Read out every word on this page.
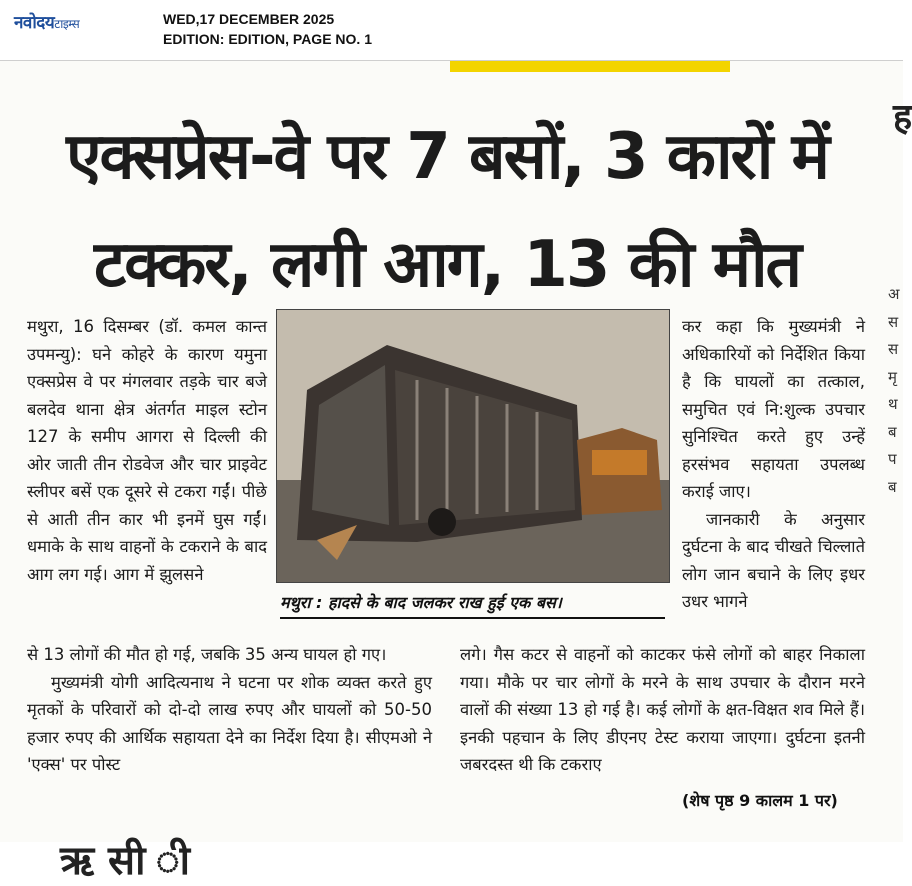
नवोदयटाइम्स	WED,17 DECEMBER 2025
EDITION: EDITION, PAGE NO. 1
ह
एक्सप्रेस-वे पर 7 बसों, 3 कारों में
टक्कर, लगी आग, 13 की मौत
मथुरा, 16 दिसम्बर (डॉ. कमल कान्त उपमन्यु): घने कोहरे के कारण यमुना एक्सप्रेस वे पर मंगलवार तड़के चार बजे बलदेव थाना क्षेत्र अंतर्गत माइल स्टोन 127 के समीप आगरा से दिल्ली की ओर जाती तीन रोडवेज और चार प्राइवेट स्लीपर बसें एक दूसरे से टकरा गईं। पीछे से आती तीन कार भी इनमें घुस गईं। धमाके के साथ वाहनों के टकराने के बाद आग लग गई। आग में झुलसने
मथुरा : हादसे के बाद जलकर राख हुई एक बस।
कर कहा कि मुख्यमंत्री ने अधिकारियों को निर्देशित किया है कि घायलों का तत्काल, समुचित एवं नि:शुल्क उपचार सुनिश्चित करते हुए उन्हें हरसंभव सहायता उपलब्ध कराई जाए।
जानकारी के अनुसार दुर्घटना के बाद चीखते चिल्लाते लोग जान बचाने के लिए इधर उधर भागने
से 13 लोगों की मौत हो गई, जबकि 35 अन्य घायल हो गए।
मुख्यमंत्री योगी आदित्यनाथ ने घटना पर शोक व्यक्त करते हुए मृतकों के परिवारों को दो-दो लाख रुपए और घायलों को 50-50 हजार रुपए की आर्थिक सहायता देने का निर्देश दिया है। सीएमओ ने 'एक्स' पर पोस्ट
लगे। गैस कटर से वाहनों को काटकर फंसे लोगों को बाहर निकाला गया। मौके पर चार लोगों के मरने के साथ उपचार के दौरान मरने वालों की संख्या 13 हो गई है। कई लोगों के क्षत-विक्षत शव मिले हैं। इनकी पहचान के लिए डीएनए टेस्ट कराया जाएगा। दुर्घटना इतनी जबरदस्त थी कि टकराए
(शेष पृष्ठ 9 कालम 1 पर)
अ
स
स
मृ
थ
ब
प
ब
ऋ सी ी
